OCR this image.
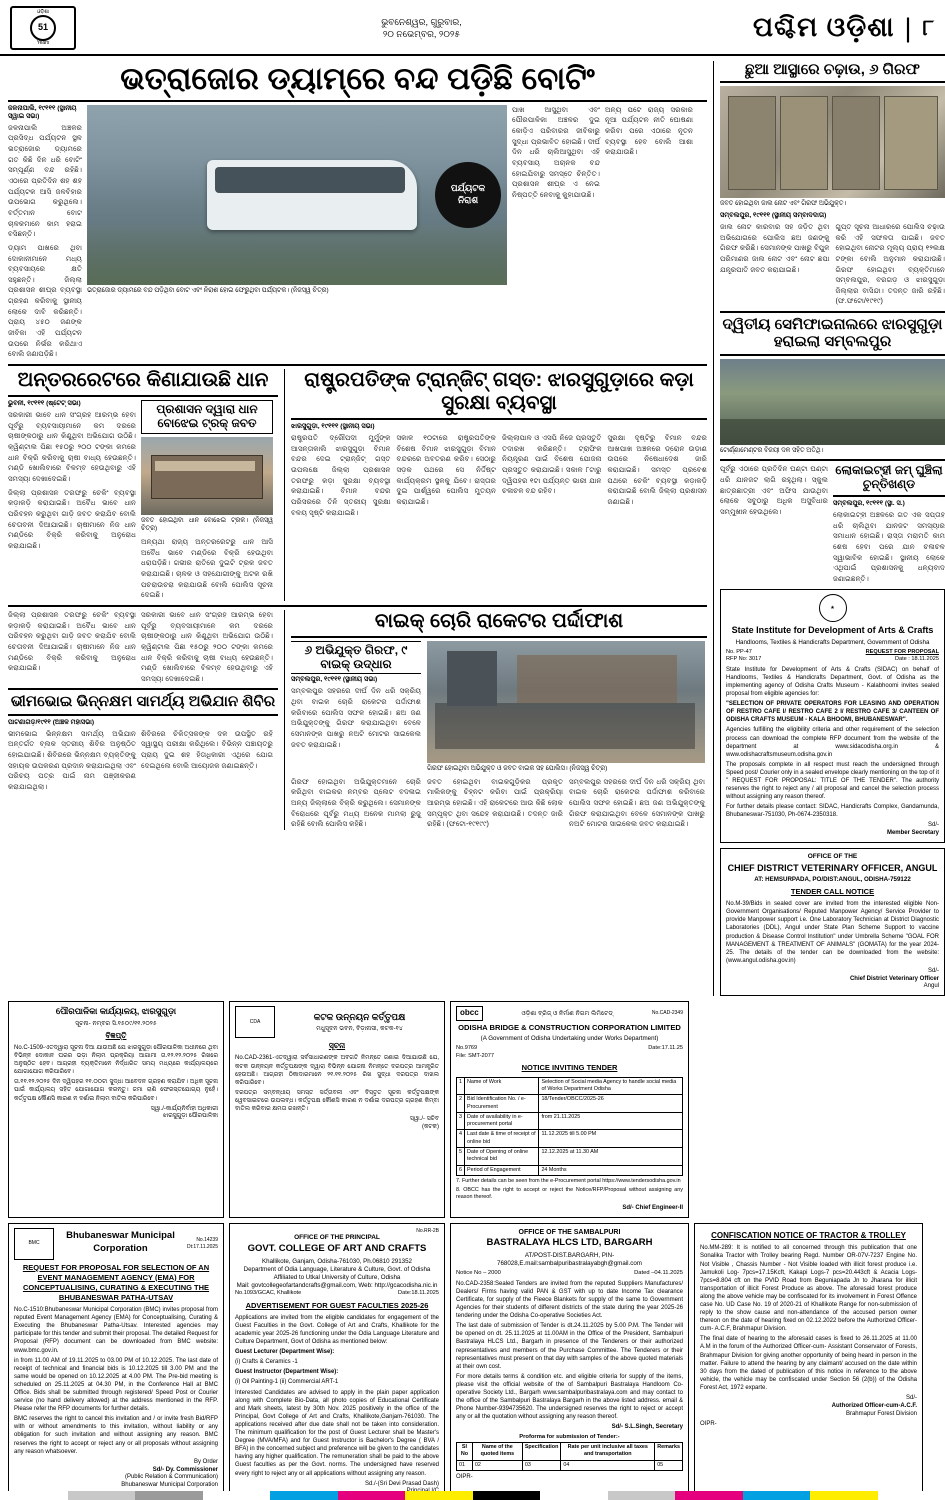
ଓଡ଼ିଶା
51
Years
ଭୁବନେଶ୍ୱର, ଗୁରୁବାର,
୨୦ ନଭେମ୍ବର, ୨୦୨୫	ପଶ୍ଚିମ ଓଡ଼ିଶା | ୮
ଭତ୍ରାଜୋର ଡ୍ୟାମ୍‌ରେ ବନ୍ଦ ପଡ଼ିଛି ବୋଟିଂ
ଜଳନାପାଲି, ୧୯୧୧୧ (ସ୍ଥାନୀୟ ସ୍ୱାଇ ସଭା)
ଜଳନାପାଲି ଅଞ୍ଚଳର ପ୍ରସିଦ୍ଧ ପର୍ଯ୍ୟଟନ ସ୍ଥଳ ଭତ୍ରାଜୋର ଡ୍ୟାମରେ ଗତ କିଛି ଦିନ ଧରି ବୋଟିଂ ସମ୍ପୂର୍ଣ୍ଣ ବନ୍ଦ ରହିଛି। ଏଠାରେ ପ୍ରତିଦିନ ଶହ ଶହ ପର୍ଯ୍ୟଟକ ଆସି ଜଳବିହାର ଉପଭୋଗ କରୁଥିଲେ। ବର୍ତ୍ତମାନ ବୋଟ ଚାଳକମାନେ କାମ ହରାଇ ବସିଛନ୍ତି।
ଡ୍ୟାମ ପାଖରେ ଥିବା ଦୋକାନୀମାନେ ମଧ୍ୟ ବ୍ୟବସାୟରେ କ୍ଷତି ସହୁଛନ୍ତି। ଜିଲ୍ଲା ପ୍ରଶାସନ ଶୀଘ୍ର ବ୍ୟବସ୍ଥା ଗ୍ରହଣ କରିବାକୁ ସ୍ଥାନୀୟ ଲୋକେ ଦାବି କରିଛନ୍ତି। ପ୍ରାୟ ୪୫୦ ଜଣଙ୍କ ଜୀବିକା ଏହି ପର୍ଯ୍ୟଟନ ଉପରେ ନିର୍ଭର କରିଥାଏ ବୋଲି ଜଣାପଡ଼ିଛି।
ପର୍ଯ୍ୟଟକ
ନିରାଶ
ଭତ୍ରାଜୋର ଡ୍ୟାମରେ ବନ୍ଦ ପଡ଼ିଥିବା ବୋଟ ଏବଂ ନିରାଶ ହୋଇ ଫେରୁଥିବା ପର୍ଯ୍ୟଟକ। (ନିଜସ୍ୱ ଚିତ୍ର)
ପାଖ ଆସୁଥିବା ଏବଂ ପୌରପାଳିକା ଅଞ୍ଚଳର ଦୁଇ କୋଡ଼ିଏ ପରିବାରର ଜୀବିକାରୁ ସୁଦ୍ଧା ପ୍ରଭାବିତ ହୋଇଛି। ଦୀର୍ଘ ଦିନ ଧରି ଚାଲିଆସୁଥିବା ଏହି ବ୍ୟବସାୟ ଅଚାନକ ବନ୍ଦ ହୋଇଯିବାରୁ ସମସ୍ତେ ଚିନ୍ତିତ। ପ୍ରଶାସନ ଶୀଘ୍ର ଏ ନେଇ ନିଷ୍ପତ୍ତି ନେବାକୁ କୁହାଯାଉଛି।
ଅନ୍ୟ ପଟେ ରାଜ୍ୟ ସରକାର ନୂଆ ପର୍ଯ୍ୟଟନ ନୀତି ଘୋଷଣା କରିବା ପରେ ଏଠାରେ ନୂତନ ବ୍ୟବସ୍ଥା ହେବ ବୋଲି ଆଶା କରାଯାଉଛି।
ଅନ୍ତରରେଟରେ କିଣାଯାଉଛି ଧାନ
ଭୁବନୀ, ୧୯୧୧୧ (ଷ୍ଟେଟ୍ ସଭା)
ସରକାରୀ ଭାବେ ଧାନ ସଂଗ୍ରହ ଆରମ୍ଭ ହେବା ପୂର୍ବରୁ ବ୍ୟବସାୟୀମାନେ କମ ଦରରେ ଚାଷୀଙ୍କଠାରୁ ଧାନ କିଣୁଥିବା ଅଭିଯୋଗ ଉଠିଛି। କ୍ୱିଣ୍ଟାଲ ପିଛା ୧୫୦ରୁ ୨୦୦ ଟଙ୍କା କମରେ ଧାନ ବିକ୍ରି କରିବାକୁ ଚାଷୀ ବାଧ୍ୟ ହେଉଛନ୍ତି। ମଣ୍ଡି ଖୋଲିବାରେ ବିଳମ୍ବ ହେଉଥିବାରୁ ଏହି ସମସ୍ୟା ଦେଖାଦେଇଛି।
ଜିଲ୍ଲା ପ୍ରଶାସନ ତରଫରୁ ଚେକିଂ ବ୍ୟବସ୍ଥା କଡ଼ାକଡ଼ି କରାଯାଇଛି। ଅବୈଧ ଭାବେ ଧାନ ପରିବହନ କରୁଥିବା ଗାଡ଼ି ଜବତ କରାଯିବ ବୋଲି ଚେତାବନୀ ଦିଆଯାଇଛି। ଚାଷୀମାନେ ନିଜ ଧାନ ମଣ୍ଡିରେ ବିକ୍ରି କରିବାକୁ ଅନୁରୋଧ କରାଯାଇଛି।
ପ୍ରଶାସନ ଦ୍ୱାରା ଧାନ ବୋଝେଇ ଟ୍ରକ୍ ଜବତ
ଜବତ ହୋଇଥିବା ଧାନ ବୋଝେଇ ଟ୍ରକ। (ନିଜସ୍ୱ ଚିତ୍ର)
ଅନ୍ୟଥା ରାଜ୍ୟ ଅନ୍ତରରେଟରୁ ଧାନ ଆସି ଅବୈଧ ଭାବେ ମଣ୍ଡିରେ ବିକ୍ରି ହେଉଥିବା ଧରାପଡ଼ିଛି। ଗଭୀର ରାତିରେ ଦୁଇଟି ଟ୍ରକ ଜବତ କରାଯାଇଛି। ଚାଳକ ଓ ସହଯୋଗୀଙ୍କୁ ଅଟକ ରଖି ପଚରାଉଚରା କରାଯାଉଛି ବୋଲି ପୋଲିସ ସୂଚନା ଦେଇଛି।
ରାଷ୍ଟ୍ରପତିଙ୍କ ଟ୍ରାନ୍‌ଜିଟ୍ ଗସ୍ତ: ଝାରସୁଗୁଡ଼ାରେ କଡ଼ା ସୁରକ୍ଷା ବ୍ୟବସ୍ଥା
ଝାରସୁଗୁଡ଼ା, ୧୯୧୧୧ (ସ୍ଥାନୀୟ ସଭା)
ରାଷ୍ଟ୍ରପତି ଦ୍ରୌପଦୀ ମୁର୍ମୁଙ୍କ ଆସନ୍ତାକାଲି ଝାରସୁଗୁଡ଼ା ବିମାନ ବନ୍ଦର ଦେଇ ଟ୍ରାନ୍‌ଜିଟ୍ ଗସ୍ତ ଉପଲକ୍ଷେ ଜିଲ୍ଲା ପ୍ରଶାସନ ତରଫରୁ କଡ଼ା ସୁରକ୍ଷା ବ୍ୟବସ୍ଥା କରାଯାଇଛି। ବିମାନ ବନ୍ଦର ପରିସରରେ ତିନି ସ୍ତରୀୟ ସୁରକ୍ଷା ବଳୟ ସୃଷ୍ଟି କରାଯାଇଛି।
ସକାଳ ୧୦ଟାରେ ରାଷ୍ଟ୍ରପତିଙ୍କ ବିଶେଷ ବିମାନ ଝାରସୁଗୁଡ଼ା ବିମାନ ବନ୍ଦରରେ ଅବତରଣ କରିବ। ସେଠାରୁ ସଡ଼କ ପଥରେ ସେ ନିର୍ଦ୍ଦିଷ୍ଟ କାର୍ଯ୍ୟକ୍ରମ ସ୍ଥଳକୁ ଯିବେ। ରାସ୍ତାର ଦୁଇ ପାର୍ଶ୍ୱରେ ପୋଲିସ ମୁତୟନ କରାଯାଇଛି।
ଜିଲ୍ଲାପାଳ ଓ ଏସପି ନିଜେ ପ୍ରସ୍ତୁତି ତଦାରଖ କରିଛନ୍ତି। ଟ୍ରାଫିକ ନିୟନ୍ତ୍ରଣ ପାଇଁ ବିଶେଷ ଯୋଜନା ପ୍ରସ୍ତୁତ କରାଯାଇଛି। ସକାଳ ୮ଟାରୁ ଦ୍ୱିପହର ୧ଟା ପର୍ଯ୍ୟନ୍ତ ଭାରୀ ଯାନ ଚଳାଚଳ ବନ୍ଦ ରହିବ।
ସୁରକ୍ଷା ଦୃଷ୍ଟିରୁ ବିମାନ ବନ୍ଦର ଆଖପାଖ ଅଞ୍ଚଳରେ ଡ୍ରୋନ ଉଡ଼ାଣ ଉପରେ ନିଷେଧାଦେଶ ଜାରି କରାଯାଇଛି। ସମସ୍ତ ପ୍ରବେଶ ପଥରେ ଚେକିଂ ବ୍ୟବସ୍ଥା କଡ଼ାକଡ଼ି କରାଯାଇଛି ବୋଲି ଜିଲ୍ଲା ପ୍ରଶାସନ ଜଣାଇଛି।
ଜିଲ୍ଲା ପ୍ରଶାସନ ତରଫରୁ ଚେକିଂ ବ୍ୟବସ୍ଥା କଡ଼ାକଡ଼ି କରାଯାଇଛି। ଅବୈଧ ଭାବେ ଧାନ ପରିବହନ କରୁଥିବା ଗାଡ଼ି ଜବତ କରାଯିବ ବୋଲି ଚେତାବନୀ ଦିଆଯାଇଛି। ଚାଷୀମାନେ ନିଜ ଧାନ ମଣ୍ଡିରେ ବିକ୍ରି କରିବାକୁ ଅନୁରୋଧ କରାଯାଇଛି।
ସରକାରୀ ଭାବେ ଧାନ ସଂଗ୍ରହ ଆରମ୍ଭ ହେବା ପୂର୍ବରୁ ବ୍ୟବସାୟୀମାନେ କମ ଦରରେ ଚାଷୀଙ୍କଠାରୁ ଧାନ କିଣୁଥିବା ଅଭିଯୋଗ ଉଠିଛି। କ୍ୱିଣ୍ଟାଲ ପିଛା ୧୫୦ରୁ ୨୦୦ ଟଙ୍କା କମରେ ଧାନ ବିକ୍ରି କରିବାକୁ ଚାଷୀ ବାଧ୍ୟ ହେଉଛନ୍ତି। ମଣ୍ଡି ଖୋଲିବାରେ ବିଳମ୍ବ ହେଉଥିବାରୁ ଏହି ସମସ୍ୟା ଦେଖାଦେଇଛି।
ଭୀମଭୋଇ ଭିନ୍ନକ୍ଷମ ସାମର୍ଥ୍ୟ ଅଭିଯାନ ଶିବିର
ପାଟଣାଗଡ଼/୧୯୧୧ (ଅଞ୍ଚଳ ମହାସଭା)
ଭୀମଭୋଇ ଭିନ୍ନକ୍ଷମ ସାମର୍ଥ୍ୟ ଅଭିଯାନ ଅନ୍ତର୍ଗତ ବ୍ଲକ ସ୍ତରୀୟ ଶିବିର ଅନୁଷ୍ଠିତ ହୋଇଯାଇଛି। ଶିବିରରେ ଭିନ୍ନକ୍ଷମ ବ୍ୟକ୍ତିଙ୍କୁ ସହାୟକ ଉପକରଣ ପ୍ରଦାନ କରାଯାଇଥିଲା ଏବଂ ପରିଚୟ ପତ୍ର ପାଇଁ ନାମ ପଞ୍ଜୀକରଣ କରାଯାଇଥିଲା।
ଶିବିରରେ ଚିକିତ୍ସକଙ୍କ ଦଳ ଉପସ୍ଥିତ ରହି ସ୍ୱାସ୍ଥ୍ୟ ପରୀକ୍ଷା କରିଥିଲେ। ବିଭିନ୍ନ ପଞ୍ଚାୟତରୁ ପ୍ରାୟ ଦୁଇ ଶହ ହିତାଧିକାରୀ ଏଥିରେ ଯୋଗ ଦେଇଥିଲେ ବୋଲି ଆୟୋଜକ ଜଣାଇଛନ୍ତି।
ବାଇକ୍ ଚୋରି ରାକେଟର ପର୍ଦ୍ଦାଫାଶ
୬ ଅଭିଯୁକ୍ତ ଗିରଫ, ୯ ବାଇକ୍ ଉଦ୍ଧାର
ସମ୍ବଲପୁର, ୧୯୧୧୧ (ସ୍ଥାନୀୟ ସଭା)
ସମ୍ବଲପୁର ସହରରେ ଦୀର୍ଘ ଦିନ ଧରି ସକ୍ରିୟ ଥିବା ବାଇକ ଚୋରି ରାକେଟର ପର୍ଦ୍ଦାଫାଶ କରିବାରେ ପୋଲିସ ସଫଳ ହୋଇଛି। ଛଅ ଜଣ ଅଭିଯୁକ୍ତଙ୍କୁ ଗିରଫ କରାଯାଇଥିବା ବେଳେ ସେମାନଙ୍କ ପାଖରୁ ନଅଟି ମୋଟର ସାଇକେଲ ଜବତ କରାଯାଇଛି।
ଗିରଫ ହୋଇଥିବା ଅଭିଯୁକ୍ତ ଓ ଜବତ ବାଇକ ସହ ପୋଲିସ। (ନିଜସ୍ୱ ଚିତ୍ର)
ଗିରଫ ହୋଇଥିବା ଅଭିଯୁକ୍ତମାନେ ଚୋରି କରିଥିବା ବାଇକର ନମ୍ବର ପ୍ଲେଟ ବଦଳାଇ ଅନ୍ୟ ଜିଲ୍ଲାରେ ବିକ୍ରି କରୁଥିଲେ। ସେମାନଙ୍କ ବିରୋଧରେ ପୂର୍ବରୁ ମଧ୍ୟ ଅନେକ ମାମଲା ରୁଜୁ ରହିଛି ବୋଲି ପୋଲିସ କହିଛି।
ଜବତ ହୋଇଥିବା ବାଇକଗୁଡ଼ିକର ପ୍ରକୃତ ମାଲିକଙ୍କୁ ଚିହ୍ନଟ କରିବା ପାଇଁ ପ୍ରକ୍ରିୟା ଆରମ୍ଭ ହୋଇଛି। ଏହି ରାକେଟରେ ଆଉ କିଛି ଲୋକ ସମ୍ପୃକ୍ତ ଥିବା ସନ୍ଦେହ କରାଯାଉଛି। ତଦନ୍ତ ଜାରି ରହିଛି। (ଫଟୋ-୧୯୧୯୯)
ସମ୍ବଲପୁର ସହରରେ ଦୀର୍ଘ ଦିନ ଧରି ସକ୍ରିୟ ଥିବା ବାଇକ ଚୋରି ରାକେଟର ପର୍ଦ୍ଦାଫାଶ କରିବାରେ ପୋଲିସ ସଫଳ ହୋଇଛି। ଛଅ ଜଣ ଅଭିଯୁକ୍ତଙ୍କୁ ଗିରଫ କରାଯାଇଥିବା ବେଳେ ସେମାନଙ୍କ ପାଖରୁ ନଅଟି ମୋଟର ସାଇକେଲ ଜବତ କରାଯାଇଛି।
ଛୁଆ ଆସ୍ଥାରେ ଚଢ଼ାଉ, ୬ ଗିରଫ
ଜବତ ହୋଇଥିବା ଜାଲ ନୋଟ ଏବଂ ଗିରଫ ଅଭିଯୁକ୍ତ।
ସମ୍ବଲପୁର, ୧୯୧୧୧ (ସ୍ଥାନୀୟ ସମ୍ବାଦଦାତା)
ଜାଲ ନୋଟ କାରବାର ସହ ଜଡ଼ିତ ଥିବା ଅଭିଯୋଗରେ ପୋଲିସ ଛଅ ଜଣଙ୍କୁ ଗିରଫ କରିଛି। ସେମାନଙ୍କ ପାଖରୁ ବିପୁଳ ପରିମାଣର ଜାଲ ନୋଟ ଏବଂ ନୋଟ ଛପା ଯନ୍ତ୍ରପାତି ଜବତ କରାଯାଇଛି।
ଗୁପ୍ତ ସୂଚନା ଆଧାରରେ ପୋଲିସ ଚଢ଼ାଉ କରି ଏହି ସଫଳତା ପାଇଛି। ଜବତ ହୋଇଥିବା ନୋଟର ମୂଲ୍ୟ ପ୍ରାୟ ୧୨ଲକ୍ଷ ଟଙ୍କା ବୋଲି ଅନୁମାନ କରାଯାଉଛି। ଗିରଫ ହୋଇଥିବା ବ୍ୟକ୍ତିମାନେ ସମ୍ବଲପୁର, ବରଗଡ଼ ଓ ଝାରସୁଗୁଡ଼ା ଜିଲ୍ଲାର ବାସିନ୍ଦା। ତଦନ୍ତ ଜାରି ରହିଛି। (ଫ.ଫଟୋ/୧୯୧୯)
ଦ୍ୱିତୀୟ ସେମିଫାଇନାଲରେ ଝାରସୁଗୁଡ଼ା ହରାଇଲା ସମ୍ବଲପୁର
ଟୋର୍ଣ୍ଣାମେଣ୍ଟର ବିଜୟୀ ଦଳ ସହିତ ଅତିଥି।
ପୂର୍ବରୁ ଏଠାରେ ପ୍ରତିଦିନ ଘଣ୍ଟା ଘଣ୍ଟା ଧରି ଯାନଜଟ ଲାଗି ରହୁଥିଲା। ସ୍କୁଲ ଛାତ୍ରଛାତ୍ରୀ ଏବଂ ଅଫିସ ଯାଉଥିବା ଲୋକେ ସବୁଠାରୁ ଅଧିକ ଅସୁବିଧାର ସମ୍ମୁଖୀନ ହେଉଥିଲେ।
ଲୋକାଇଟ୍‌ହୀ ଜମ୍ ଘୁଞ୍ଚିଲା ଚୁନ୍ତିଖଣ୍ଡ
ସମ୍ବଲପୁର, ୧୯୧୧୧ (ସ୍ଥା. ସ.)
ଲୋକାଇଟ୍‌ହୀ ଅଞ୍ଚଳରେ ଗତ ଏକ ସପ୍ତାହ ଧରି ଚାଲିଥିବା ଯାନଜଟ ସମସ୍ୟାର ସମାଧାନ ହୋଇଛି। ରାସ୍ତା ମରାମତି କାମ ଶେଷ ହେବା ପରେ ଯାନ ଚଳାଚଳ ସ୍ୱାଭାବିକ ହୋଇଛି। ସ୍ଥାନୀୟ ଲୋକେ ଏଥିପାଇଁ ପ୍ରଶାସନକୁ ଧନ୍ୟବାଦ ଜଣାଇଛନ୍ତି।
★
State Institute for Development of Arts & Crafts
Handlooms, Textiles & Handicrafts Department, Government of Odisha
No. PP-47	REQUEST FOR PROPOSAL
RFP No: 3017	Date : 18.11.2025

State Institute for Development of Arts & Crafts (SIDAC) on behalf of Handlooms, Textiles & Handicrafts Department, Govt. of Odisha as the implementing agency of Odisha Crafts Museum - Kalabhoomi invites sealed proposal from eligible agencies for:

"SELECTION OF PRIVATE OPERATORS FOR LEASING AND OPERATION OF RESTRO CAFE I/ RESTRO CAFE 2 I/ RESTRO CAFE 3/ CANTEEN OF ODISHA CRAFTS MUSEUM - KALA BHOOMI, BHUBANESWAR".

Agencies fulfilling the eligibility criteria and other requirement of the selection process can download the complete RFP document from the website of the department at www.sidacodisha.org.in & www.odishacraftsmuseum.odisha.gov.in

The proposals complete in all respect must reach the undersigned through Speed post/ Courier only in a sealed envelope clearly mentioning on the top of it " REQUEST FOR PROPOSAL: TITLE OF THE TENDER". The authority reserves the right to reject any / all proposal and cancel the selection process without assigning any reason thereof.

For further details please contact: SIDAC, Handicrafts Complex, Gandamunda, Bhubaneswar-751030, Ph-0674-2350318.

Sd/-
Member Secretary
OFFICE OF THE
CHIEF DISTRICT VETERINARY OFFICER, ANGUL
AT: HEMSURPADA, PO/DIST:ANGUL, ODISHA-759122
TENDER CALL NOTICE

No.M-39/Bids in sealed cover are invited from the interested eligible Non-Government Organisations/ Reputed Manpower Agency/ Service Provider to provide Manpower support i.e. One Laboratory Technician at District Diagnostic Laboratories (DDL), Angul under State Plan Scheme Support to vaccine production & Disease Control Institution" under Umbrella Scheme "GOAL FOR MANAGEMENT & TREATMENT OF ANIMALS" (GOMATA) for the year 2024-25. The details of the tender can be downloaded from the website: (www.angul.odisha.gov.in)

Sd/-
Chief District Veterinary Officer
Angul
ପୌରପାଳିକା କାର୍ଯ୍ୟାଳୟ, ଝାରସୁଗୁଡ଼ା
ସୂଚନା- ନମ୍ବର ସି.୧୫୦୯/୧୧.୨୦୨୫
ବିଜ୍ଞପ୍ତି

No.C-1509-ଏତଦ୍ୱାରା ସୂଚନା ଦିଆ ଯାଉଅଛି ଯେ ଝାରସୁଗୁଡ଼ା ପୌରପାଳିକା ଅଧୀନରେ ଥିବା ବିଭିନ୍ନ ଦୋକାନ ଘରର ଭଡ଼ା ନିଲାମ ପ୍ରକ୍ରିୟା ଆଗାମୀ ତା.୧୨.୧୨.୨୦୨୫ ରିଖରେ ଅନୁଷ୍ଠିତ ହେବ। ଆଗ୍ରହୀ ବ୍ୟକ୍ତିମାନେ ନିର୍ଦ୍ଧାରିତ ସମୟ ମଧ୍ୟରେ କାର୍ଯ୍ୟାଳୟରେ ଯୋଗାଯୋଗ କରିପାରିବେ।

ତା.୧୧.୧୨.୨୦୨୫ ଦିନ ଦ୍ୱିପହର ୧୧.୦୦ଟା ସୁଦ୍ଧା ଆବେଦନ ଗ୍ରହଣ କରାଯିବ। ଅଧିକ ସୂଚନା ପାଇଁ କାର୍ଯ୍ୟାଳୟ ସହିତ ଯୋଗାଯୋଗ କରନ୍ତୁ। ଜମା ରାଶି ଫେରସ୍ତଯୋଗ୍ୟ ନୁହେଁ। କର୍ତ୍ତୃପକ୍ଷ କୌଣସି କାରଣ ନ ଦର୍ଶାଇ ନିଲାମ ବାତିଲ କରିପାରିବେ।

ସ୍ୱା./-କାର୍ଯ୍ୟନିର୍ବାହୀ ଅଧିକାରୀ
ଝାରସୁଗୁଡ଼ା ପୌରପାଳିକା
CDA	କଟକ ଉନ୍ନୟନ କର୍ତ୍ତୃପକ୍ଷ
ମଧୁସୂଦନ ଭବନ, ବିଡ଼ାନାସୀ, କଟକ-୧୪
ସୂଚନା

No.CAD-2361-ଏତଦ୍ୱାରା ସର୍ବସାଧାରଣଙ୍କ ଅବଗତି ନିମନ୍ତେ ଜଣାଇ ଦିଆଯାଉଛି ଯେ, କଟକ ଉନ୍ନୟନ କର୍ତ୍ତୃପକ୍ଷଙ୍କ ଦ୍ୱାରା ବିଭିନ୍ନ ଯୋଜନା ନିମନ୍ତେ ଦରପତ୍ର ଆମନ୍ତ୍ରିତ ହେଉଅଛି। ଆଗ୍ରହୀ ଠିକାଦାରମାନେ ୨୧.୧୧.୨୦୨୫ ରିଖ ସୁଦ୍ଧା ଦରପତ୍ର ଦାଖଲ କରିପାରିବେ।

ଦରପତ୍ର ସମ୍ବନ୍ଧୀୟ ସମସ୍ତ ସର୍ତ୍ତାବଳୀ ଏବଂ ବିସ୍ତୃତ ସୂଚନା କର୍ତ୍ତୃପକ୍ଷଙ୍କ ୱେବସାଇଟରେ ଉପଲବ୍ଧ। କର୍ତ୍ତୃପକ୍ଷ କୌଣସି କାରଣ ନ ଦର୍ଶାଇ ଦରପତ୍ର ଗ୍ରହଣ କିମ୍ବା ବାତିଲ କରିବାର କ୍ଷମତା ରଖନ୍ତି।

ସ୍ୱା./- ସଚିବ
(କଟକ)
obcc	ଓଡ଼ିଶା ବ୍ରିଜ୍ ଓ ନିର୍ମାଣ ନିଗମ ଲିମିଟେଡ୍	No.CAD-2349
ODISHA BRIDGE & CONSTRUCTION CORPORATION LIMITED
(A Government of Odisha Undertaking under Works Department)
No.9769	Date:17.11.25
File: SMT-2077
NOTICE INVITING TENDER
1	Name of Work	Selection of Social media Agency to handle social media of Works Department Odisha
2	Bid Identification No. / e-Procurement	18/Tender/OBCC/2025-26
3	Date of availability in e-procurement portal	from 21.11.2025
4	Last date & time of receipt of online bid	11.12.2025 till 5.00 PM
5	Date of Opening of online technical bid	12.12.2025 at 11.30 AM
6	Period of Engagement	24 Months

7. Further details can be seen from the e-Procurement portal https://www.tendersodisha.gov.in

8. OBCC has the right to accept or reject the Notice/RFP/Proposal without assigning any reason thereof.

Sd/- Chief Engineer-II
BMC
Bhubaneswar Municipal Corporation
No.14239
Dt:17.11.2025
REQUEST FOR PROPOSAL FOR SELECTION OF AN EVENT MANAGEMENT AGENCY (EMA) FOR CONCEPTUALISING, CURATING & EXECUTING THE BHUBANESWAR PATHA-UTSAV

No.C-1510:Bhubaneswar Municipal Corporation (BMC) invites proposal from reputed Event Management Agency (EMA) for Conceptualising, Curating & Executing the Bhubaneswar Patha-Utsav. Interested agencies may participate for this tender and submit their proposal. The detailed Request for Proposal (RFP) document can be downloaded from BMC website: www.bmc.gov.in.

in from 11.00 AM of 19.11.2025 to 03.00 PM of 10.12.2025. The last date of receipt of technical and financial bids is 10.12.2025 till 3.00 PM and the same would be opened on 10.12.2025 at 4.00 PM. The Pre-bid meeting is scheduled on 25.11.2025 at 04.30 PM, in the Conference Hall at BMC Office. Bids shall be submitted through registered/ Speed Post or Courier service (no hand delivery allowed) at the address mentioned in the RFP. Please refer the RFP documents for further details.

BMC reserves the right to cancel this invitation and / or invite fresh Bid/RFP with or without amendments to this invitation, without liability or any obligation for such invitation and without assigning any reason. BMC reserves the right to accept or reject any or all proposals without assigning any reason whatsoever.

By Order
Sd/- Dy. Commissioner
(Public Relation & Communication)
Bhubaneswar Municipal Corporation
No.RR-2B
OFFICE OF THE PRINCIPAL
GOVT. COLLEGE OF ART AND CRAFTS
Khallikote, Ganjam, Odisha-761030, Ph.06810 291352
Department of Odia Language, Literature & Culture, Govt. of Odisha
Affiliated to Utkal University of Culture, Odisha
Mail: govtcollegeofartandcrafts@gmail.com, Web: http://gcacodisha.nic.in
No.1093/GCAC, Khallikote	Date:18.11.2025
ADVERTISEMENT FOR GUEST FACULTIES 2025-26

Applications are invited from the eligible candidates for engagement of the Guest Faculties in the Govt. College of Art and Crafts, Khallikote for the academic year 2025-26 functioning under the Odia Language Literature and Culture Department, Govt of Odisha as mentioned below:

Guest Lecturer (Department Wise):

(i) Crafts & Ceramics -1

Guest Instructor (Department Wise):

(i) Oil Painting-1 (ii) Commercial ART-1

Interested Candidates are advised to apply in the plain paper application along with Complete Bio-Data, all photo copies of Educational Certificate and Mark sheets, latest by 30th Nov. 2025 positively in the office of the Principal, Govt College of Art and Crafts, Khallikote,Ganjam-761030. The applications received after due date shall not be taken into consideration. The minimum qualification for the post of Guest Lecturer shall be Master's Degree (MVA/MFA) and for Guest Instructor is Bachelor's Degree ( BVA / BFA) in the concerned subject and preference will be given to the candidates having any higher qualification. The remuneration shall be paid to the above Guest faculties as per the Govt. norms. The undersigned have reserved every right to reject any or all applications without assigning any reason.

Sd./-(Sri Devi Prasad Dash)
OFFICE OF THE SAMBALPURI
BASTRALAYA HLCS LTD, BARGARH
AT/POST-DIST.BARGARH, PIN-768028,E.mail:sambalpuribastralayabgh@gmail.com
Notice No – 2000	Dated –04.11.2025

No.CAD-2358:Sealed Tenders are invited from the reputed Suppliers Manufactures/ Dealers/ Firms having valid PAN & GST with up to date Income Tax clearance Certificate, for supply of the Fleece Blankets for supply of the same to Government Agencies for their students of different districts of the state during the year 2025-26 tendering under the Odisha Co-operative Societies Act.

The last date of submission of Tender is dt.24.11.2025 by 5.00 P.M. The Tender will be opened on dt. 25.11.2025 at 11.00AM in the Office of the President, Sambalpuri Bastralaya HLCS Ltd., Bargarh in presence of the Tenderers or their authorized representatives and members of the Purchase Committee. The Tenderers or their representatives must present on that day with samples of the above quoted materials at their own cost.

For more details terms & condition etc. and eligible criteria for supply of the items, please visit the official website of the of Sambalpuri Bastralaya Handloom Co-operative Society Ltd., Bargarh www.sambalpuribastralaya.com and may contact to the office of the Sambalpuri Bastralaya Bargarh in the above listed address. email & Phone Number-9394735620. The undersigned reserves the right to reject or accept any or all the quotation without assigning any reason thereof.

Sd/- S.L.Singh, Secretary
Proforma for submission of Tender:-
Sl No	Name of the quoted items	Specification	Rate per unit inclusive all taxes and transportation	Remarks
01	02	03	04	05
OIPR-
CONFISCATION NOTICE OF TRACTOR & TROLLEY

No.MM-289: It is notified to all concerned through this publication that one Sonalika Tractor with Trolley bearing Regd. Number OR-07V-7237 Engine No. Not Visible , Chassis Number - Not Visible loaded with illicit forest produce i.e. Jamukoli Log- 7pcs=17.15Kcft, Kakapi Logs-7 pcs=20.443cft & Acacia Logs-7pcs=8.804 cft on the PVID Road from Beguniapada Jn to Jharana for illicit transportation of illicit Forest Produce as above. The aforesaid forest produce along the above vehicle may be confiscated for its involvement in Forest Offence case No. UD Case No. 19 of 2020-21 of Khallikote Range for non-submission of reply to the show cause and non-attendance of the accused person owner thereon on the date of hearing fixed on 02.12.2022 before the Authorized Officer-cum- A.C.F, Brahmapur Division.

The final date of hearing to the aforesaid cases is fixed to 26.11.2025 at 11.00 A.M in the forum of the Authorized Officer-cum- Assistant Conservator of Forests, Brahmapur Division for giving another opportunity of being heard in person in the matter. Failure to attend the hearing by any claimant/ accused on the date within 30 days from the dated of publication of this notice in reference to the above vehicle, the vehicle may be confiscated under Section 56 (2(b)) of the Odisha Forest Act, 1972 exparte.

Sd/-
Authorized Officer-cum-A.C.F.
Brahmapur Forest Division
OIPR-
